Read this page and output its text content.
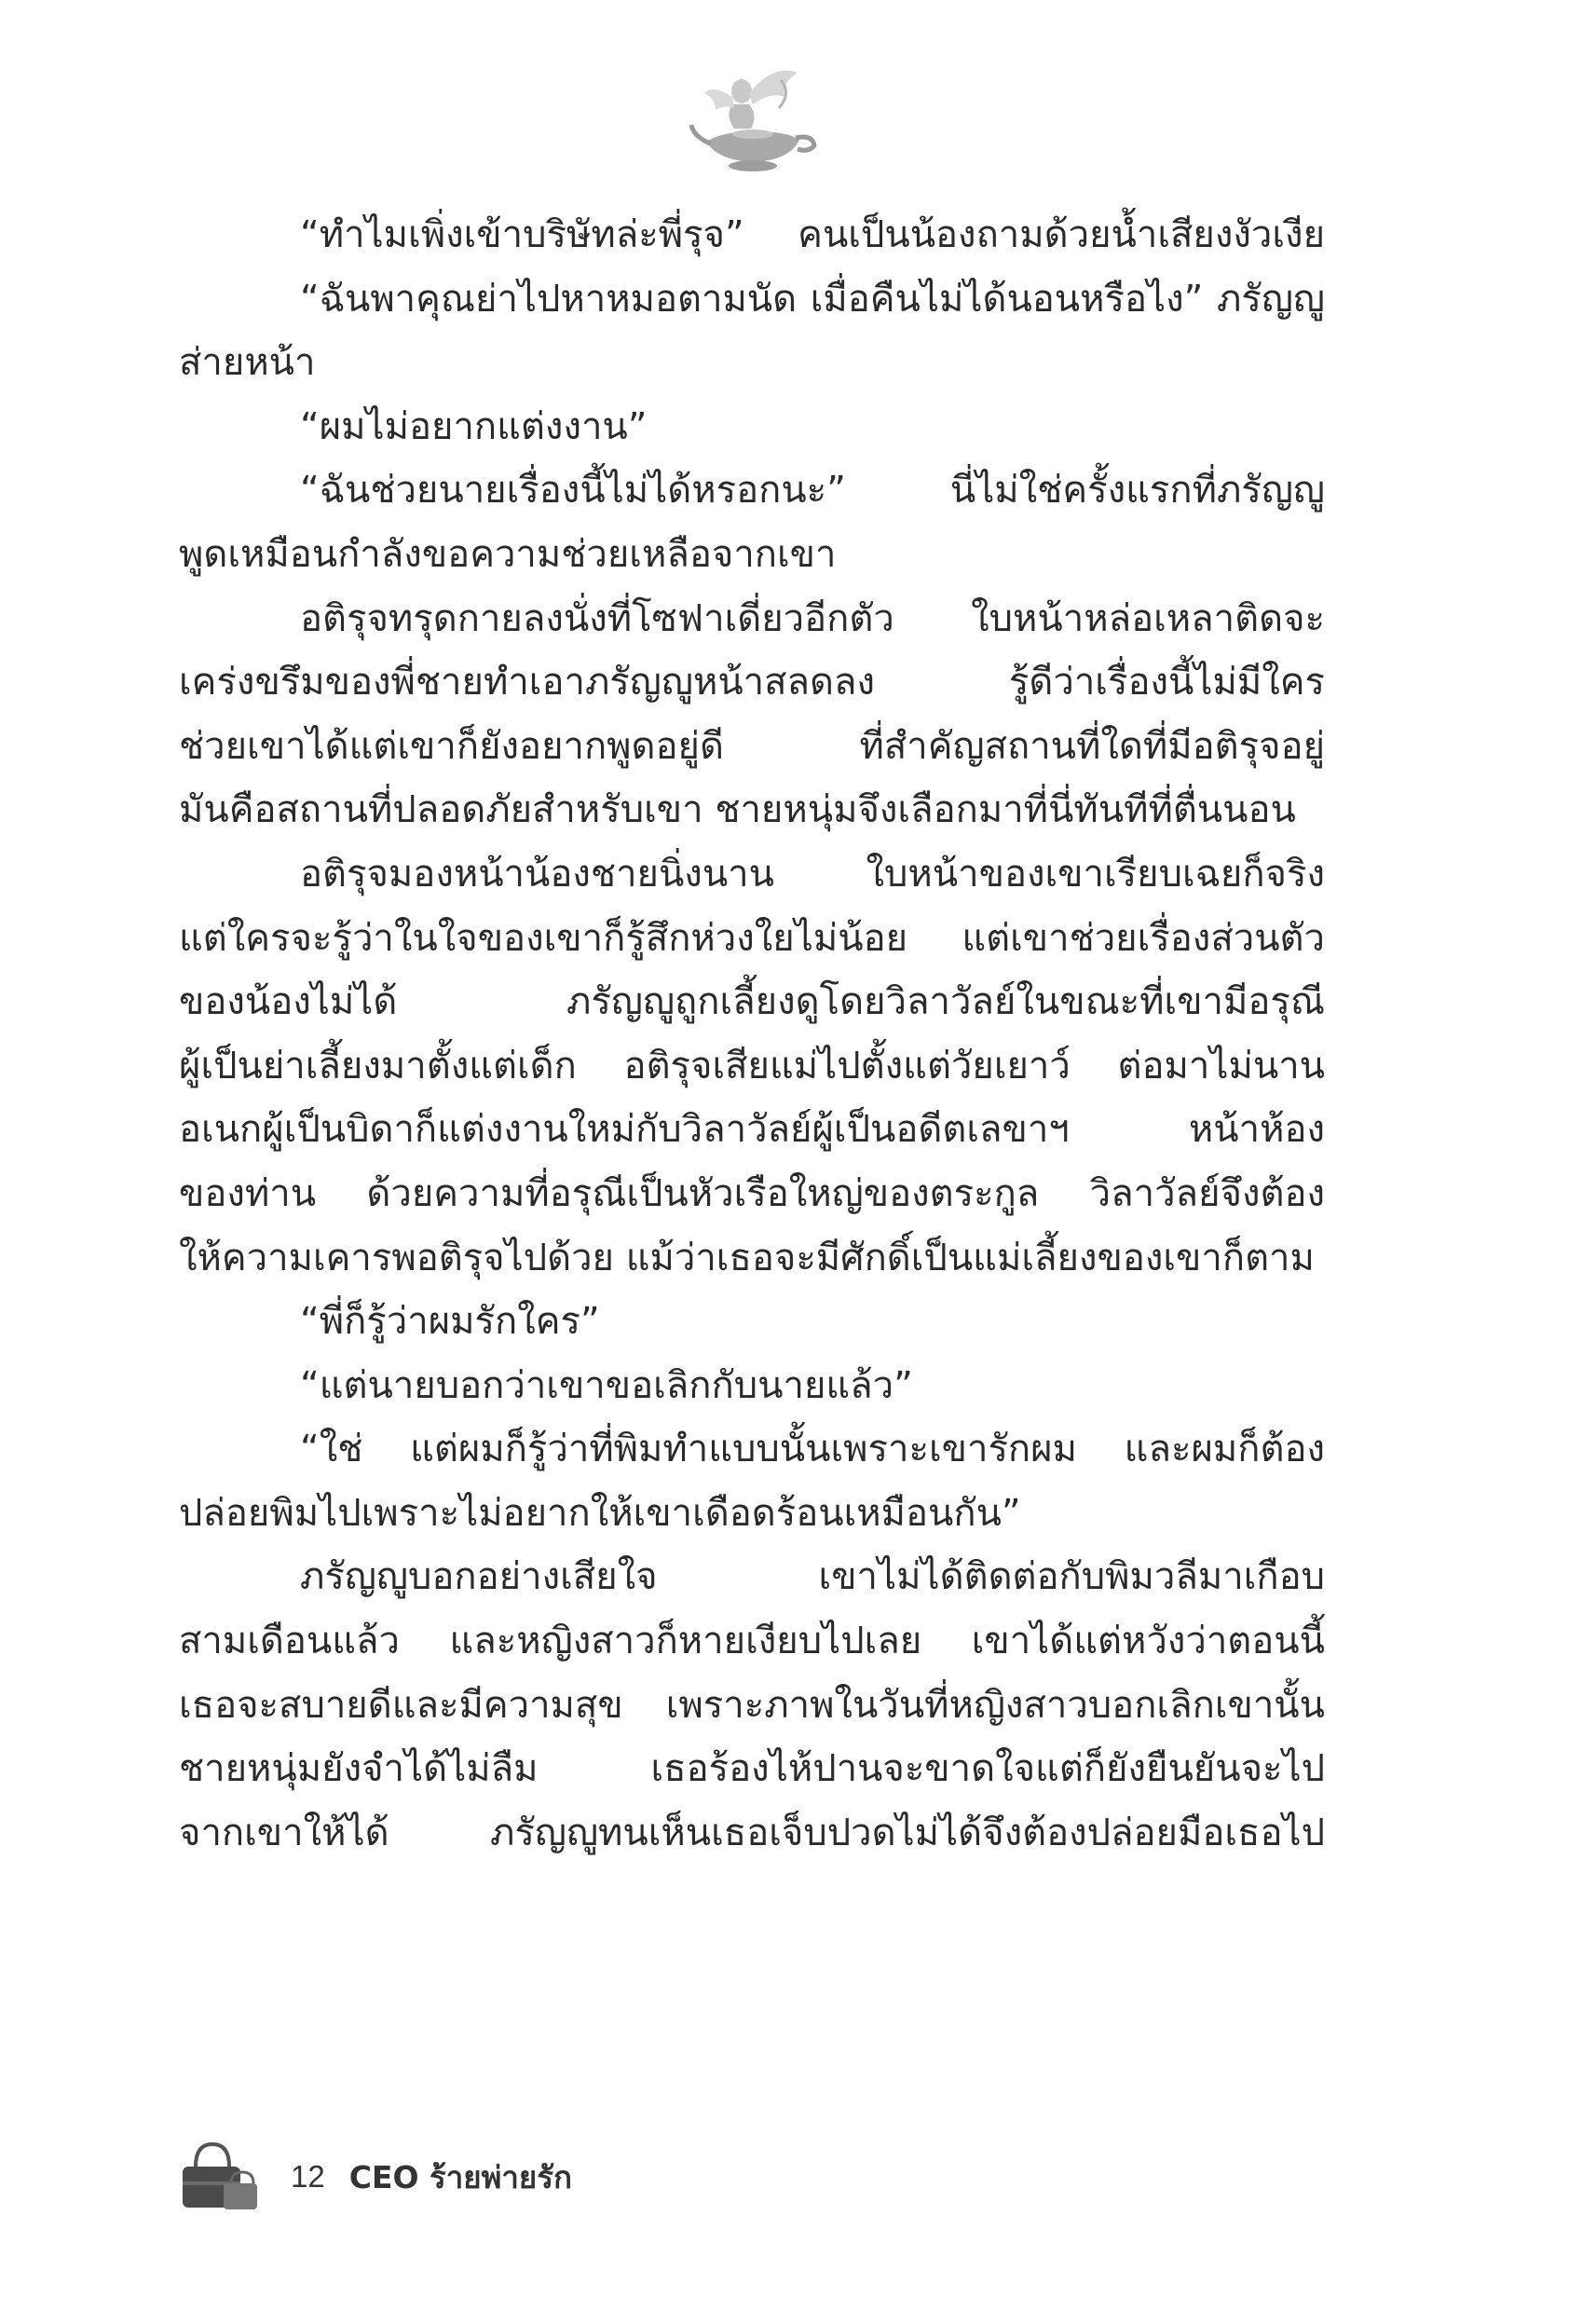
“ทำไมเพิ่งเข้าบริษัทล่ะพี่รุจ” คนเป็นน้องถามด้วยน้ำเสียงงัวเงีย
“ฉันพาคุณย่าไปหาหมอตามนัด เมื่อคืนไม่ได้นอนหรือไง” ภรัญญู
ส่ายหน้า
“ผมไม่อยากแต่งงาน”
“ฉันช่วยนายเรื่องนี้ไม่ได้หรอกนะ” นี่ไม่ใช่ครั้งแรกที่ภรัญญู
พูดเหมือนกำลังขอความช่วยเหลือจากเขา
อติรุจทรุดกายลงนั่งที่โซฟาเดี่ยวอีกตัว ใบหน้าหล่อเหลาติดจะ
เคร่งขรึมของพี่ชายทำเอาภรัญญูหน้าสลดลง รู้ดีว่าเรื่องนี้ไม่มีใคร
ช่วยเขาได้แต่เขาก็ยังอยากพูดอยู่ดี ที่สำคัญสถานที่ใดที่มีอติรุจอยู่
มันคือสถานที่ปลอดภัยสำหรับเขา ชายหนุ่มจึงเลือกมาที่นี่ทันทีที่ตื่นนอน
อติรุจมองหน้าน้องชายนิ่งนาน ใบหน้าของเขาเรียบเฉยก็จริง
แต่ใครจะรู้ว่าในใจของเขาก็รู้สึกห่วงใยไม่น้อย แต่เขาช่วยเรื่องส่วนตัว
ของน้องไม่ได้ ภรัญญูถูกเลี้ยงดูโดยวิลาวัลย์ในขณะที่เขามีอรุณี
ผู้เป็นย่าเลี้ยงมาตั้งแต่เด็ก อติรุจเสียแม่ไปตั้งแต่วัยเยาว์ ต่อมาไม่นาน
อเนกผู้เป็นบิดาก็แต่งงานใหม่กับวิลาวัลย์ผู้เป็นอดีตเลขาฯ หน้าห้อง
ของท่าน ด้วยความที่อรุณีเป็นหัวเรือใหญ่ของตระกูล วิลาวัลย์จึงต้อง
ให้ความเคารพอติรุจไปด้วย แม้ว่าเธอจะมีศักดิ์เป็นแม่เลี้ยงของเขาก็ตาม
“พี่ก็รู้ว่าผมรักใคร”
“แต่นายบอกว่าเขาขอเลิกกับนายแล้ว”
“ใช่ แต่ผมก็รู้ว่าที่พิมทำแบบนั้นเพราะเขารักผม และผมก็ต้อง
ปล่อยพิมไปเพราะไม่อยากให้เขาเดือดร้อนเหมือนกัน”
ภรัญญูบอกอย่างเสียใจ เขาไม่ได้ติดต่อกับพิมวลีมาเกือบ
สามเดือนแล้ว และหญิงสาวก็หายเงียบไปเลย เขาได้แต่หวังว่าตอนนี้
เธอจะสบายดีและมีความสุข เพราะภาพในวันที่หญิงสาวบอกเลิกเขานั้น
ชายหนุ่มยังจำได้ไม่ลืม เธอร้องไห้ปานจะขาดใจแต่ก็ยังยืนยันจะไป
จากเขาให้ได้ ภรัญญูทนเห็นเธอเจ็บปวดไม่ได้จึงต้องปล่อยมือเธอไป
12 CEO ร้ายพ่ายรัก
